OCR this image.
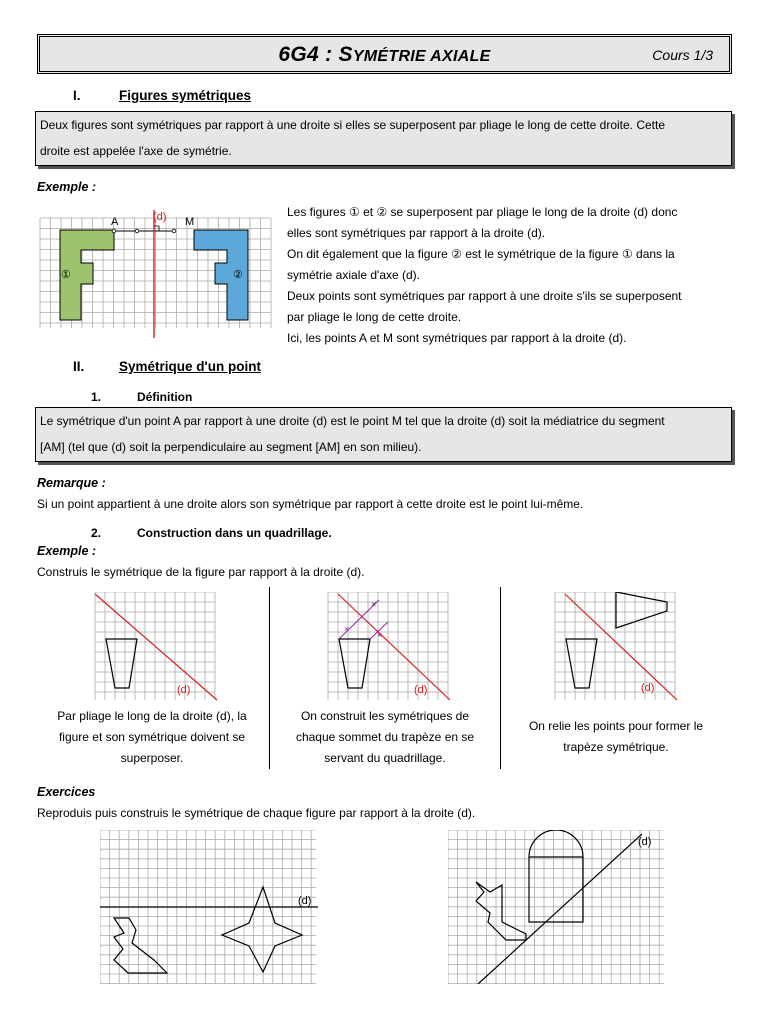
6G4 : SYMÉTRIE AXIALE	Cours 1/3
I.	Figures symétriques
Deux figures sont symétriques par rapport à une droite si elles se superposent par pliage le long de cette droite. Cette
droite est appelée l'axe de symétrie.
Exemple :
A	M
(d)
①	②
Les figures ① et ② se superposent par pliage le long de la droite (d) donc
elles sont symétriques par rapport à la droite (d).
On dit également que la figure ② est le symétrique de la figure ① dans la
symétrie axiale d'axe (d).
Deux points sont symétriques par rapport à une droite s'ils se superposent
par pliage le long de cette droite.
Ici, les points A et M sont symétriques par rapport à la droite (d).
II.	Symétrique d'un point
1.	Définition
Le symétrique d'un point A par rapport à une droite (d) est le point M tel que la droite (d) soit la médiatrice du segment
[AM] (tel que (d) soit la perpendiculaire au segment [AM] en son milieu).
Remarque :
Si un point appartient à une droite alors son symétrique par rapport à cette droite est le point lui-même.
2.	Construction dans un quadrillage.
Exemple :
Construis le symétrique de la figure par rapport à la droite (d).
(d)
×
×
×
(d)	(d)
Par pliage le long de la droite (d), la
figure et son symétrique doivent se
superposer.
On construit les symétriques de
chaque sommet du trapèze en se
servant du quadrillage.
On relie les points pour former le
trapèze symétrique.
Exercices
Reproduis puis construis le symétrique de chaque figure par rapport à la droite (d).
(d)
(d)
